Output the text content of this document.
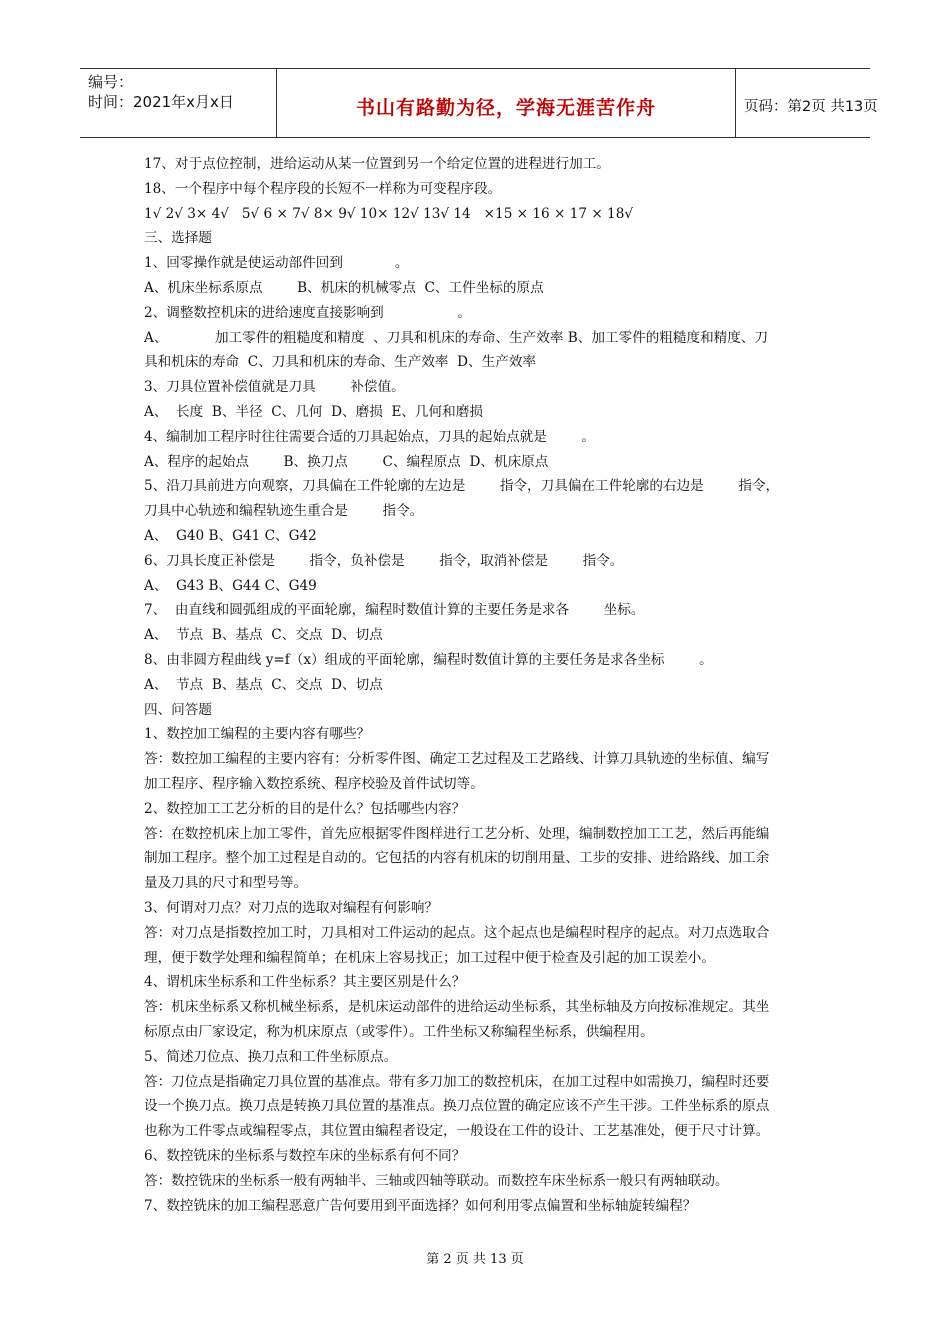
编号：
时间：2021年x月x日	书山有路勤为径，学海无涯苦作舟	页码：第2页 共13页
17、对于点位控制，进给运动从某一位置到另一个给定位置的进程进行加工。
18、一个程序中每个程序段的长短不一样称为可变程序段。
1√ 2√ 3× 4√   5√ 6 × 7√ 8× 9√ 10× 12√ 13√ 14   ×15 × 16 × 17 × 18√
三、选择题
1、回零操作就是使运动部件回到            。
A、机床坐标系原点        B、机床的机械零点  C、工件坐标的原点
2、调整数控机床的进给速度直接影响到                 。
A、           加工零件的粗糙度和精度  、刀具和机床的寿命、生产效率 B、加工零件的粗糙度和精度、刀
具和机床的寿命  C、刀具和机床的寿命、生产效率  D、生产效率
3、刀具位置补偿值就是刀具        补偿值。
A、  长度  B、半径  C、几何  D、磨损  E、几何和磨损
4、编制加工程序时往往需要合适的刀具起始点，刀具的起始点就是        。
A、程序的起始点        B、换刀点        C、编程原点  D、机床原点
5、沿刀具前进方向观察，刀具偏在工件轮廓的左边是        指令，刀具偏在工件轮廓的右边是        指令，
刀具中心轨迹和编程轨迹生重合是        指令。
A、  G40 B、G41 C、G42
6、刀具长度正补偿是        指令，负补偿是        指令，取消补偿是        指令。
A、  G43 B、G44 C、G49
7、  由直线和圆弧组成的平面轮廓，编程时数值计算的主要任务是求各        坐标。
A、  节点  B、基点  C、交点  D、切点
8、由非圆方程曲线 y=f（x）组成的平面轮廓，编程时数值计算的主要任务是求各坐标        。
A、  节点  B、基点  C、交点  D、切点
四、问答题
1、数控加工编程的主要内容有哪些？
答：数控加工编程的主要内容有：分析零件图、确定工艺过程及工艺路线、计算刀具轨迹的坐标值、编写
加工程序、程序输入数控系统、程序校验及首件试切等。
2、数控加工工艺分析的目的是什么？包括哪些内容？
答：在数控机床上加工零件，首先应根据零件图样进行工艺分析、处理，编制数控加工工艺，然后再能编
制加工程序。整个加工过程是自动的。它包括的内容有机床的切削用量、工步的安排、进给路线、加工余
量及刀具的尺寸和型号等。
3、何谓对刀点？对刀点的选取对编程有何影响？
答：对刀点是指数控加工时，刀具相对工件运动的起点。这个起点也是编程时程序的起点。对刀点选取合
理，便于数学处理和编程简单；在机床上容易找正；加工过程中便于检查及引起的加工误差小。
4、谓机床坐标系和工件坐标系？其主要区别是什么？
答：机床坐标系又称机械坐标系，是机床运动部件的进给运动坐标系，其坐标轴及方向按标准规定。其坐
标原点由厂家设定，称为机床原点（或零件）。工件坐标又称编程坐标系，供编程用。
5、简述刀位点、换刀点和工件坐标原点。
答：刀位点是指确定刀具位置的基准点。带有多刀加工的数控机床，在加工过程中如需换刀，编程时还要
设一个换刀点。换刀点是转换刀具位置的基准点。换刀点位置的确定应该不产生干涉。工件坐标系的原点
也称为工件零点或编程零点，其位置由编程者设定，一般设在工件的设计、工艺基准处，便于尺寸计算。
6、数控铣床的坐标系与数控车床的坐标系有何不同？
答：数控铣床的坐标系一般有两轴半、三轴或四轴等联动。而数控车床坐标系一般只有两轴联动。
7、数控铣床的加工编程恶意广告何要用到平面选择？如何利用零点偏置和坐标轴旋转编程？
第 2 页 共 13 页
